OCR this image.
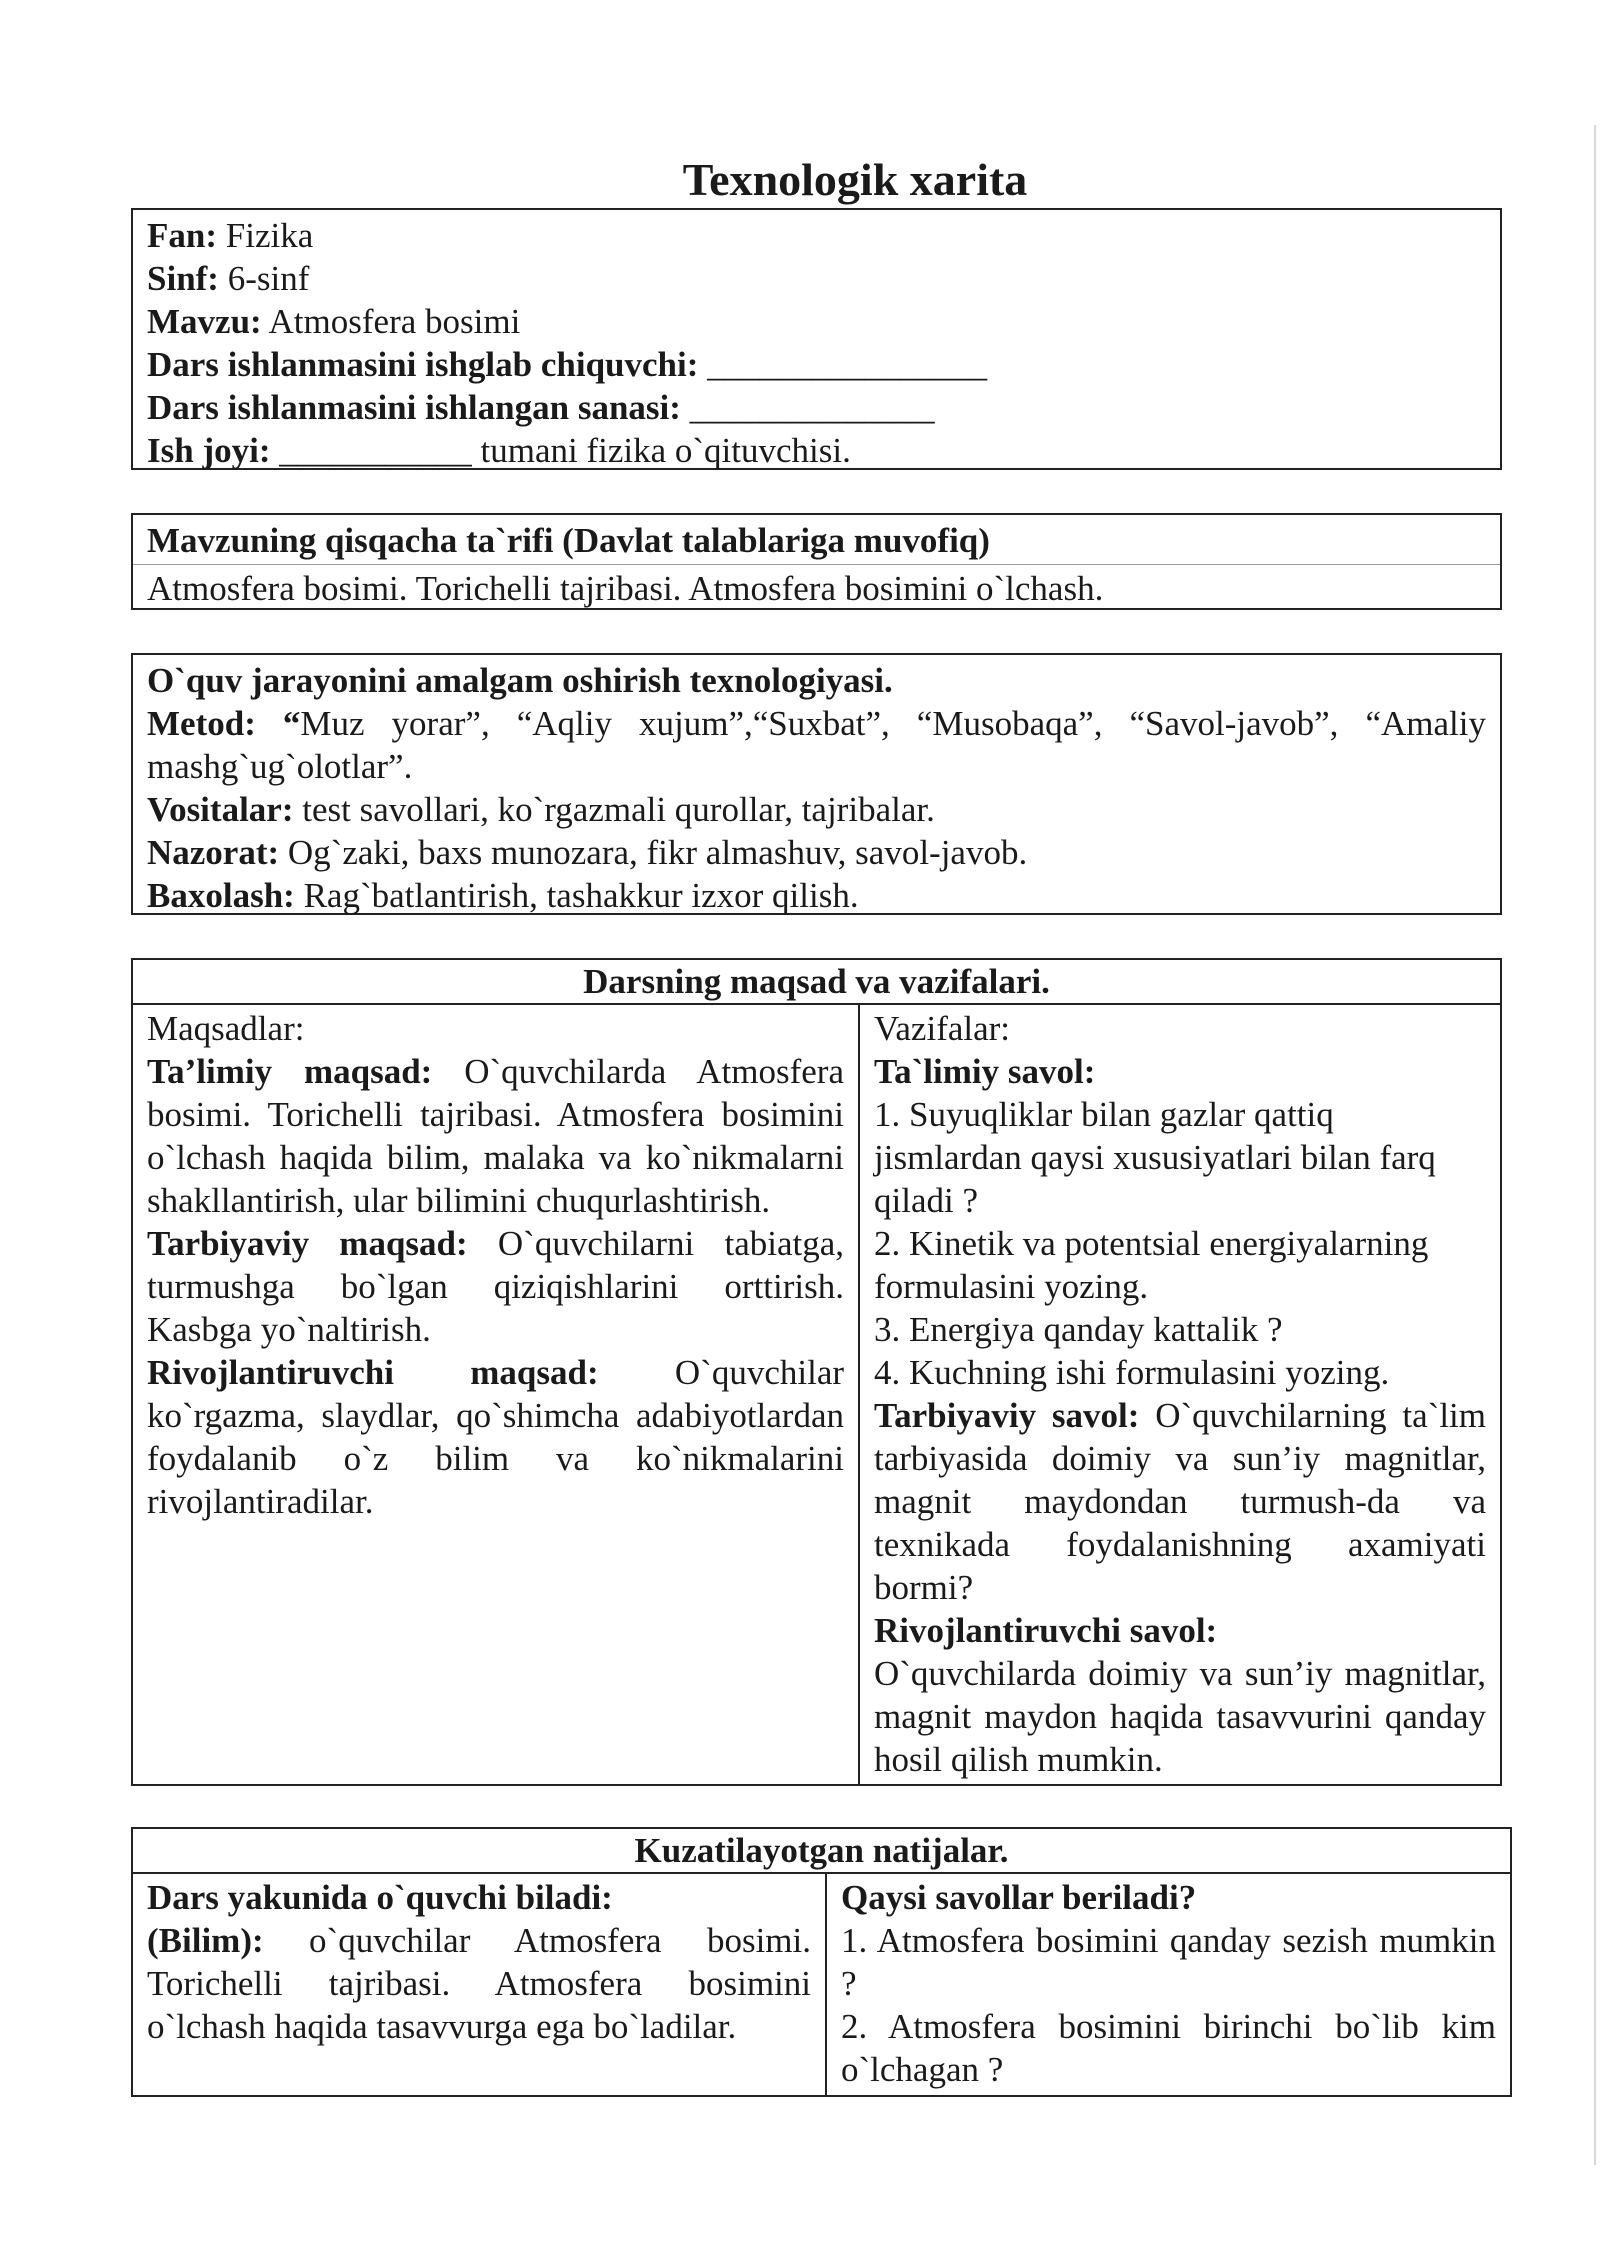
Texnologik xarita
Fan: Fizika
Sinf: 6-sinf
Mavzu: Atmosfera bosimi
Dars ishlanmasini ishglab chiquvchi: ________________
Dars ishlanmasini ishlangan sanasi: ______________
Ish joyi: ___________ tumani fizika o`qituvchisi.
Mavzuning qisqacha ta`rifi (Davlat talablariga muvofiq)
Atmosfera bosimi. Torichelli tajribasi. Atmosfera bosimini o`lchash.
O`quv jarayonini amalgam oshirish texnologiyasi.
Metod: “Muz yorar”, “Aqliy xujum”,“Suxbat”, “Musobaqa”, “Savol-javob”, “Amaliy mashg`ug`olotlar”.
Vositalar: test savollari, ko`rgazmali qurollar, tajribalar.
Nazorat: Og`zaki, baxs munozara, fikr almashuv, savol-javob.
Baxolash: Rag`batlantirish, tashakkur izxor qilish.
Darsning maqsad va vazifalari.
Maqsadlar:
Ta’limiy maqsad: O`quvchilarda Atmosfera bosimi. Torichelli tajribasi. Atmosfera bosimini o`lchash haqida bilim, malaka va ko`nikmalarni shakllantirish, ular bilimini chuqurlashtirish.
Tarbiyaviy maqsad: O`quvchilarni tabiatga, turmushga bo`lgan qiziqishlarini orttirish. Kasbga yo`naltirish.
Rivojlantiruvchi maqsad: O`quvchilar ko`rgazma, slaydlar, qo`shimcha adabiyotlardan foydalanib o`z bilim va ko`nikmalarini rivojlantiradilar.
Vazifalar:
Ta`limiy savol:
1. Suyuqliklar bilan gazlar qattiq jismlardan qaysi xususiyatlari bilan farq qiladi ?
2. Kinetik va potentsial energiyalarning formulasini yozing.
3. Energiya qanday kattalik ?
4. Kuchning ishi formulasini yozing.
Tarbiyaviy savol: O`quvchilarning ta`lim tarbiyasida doimiy va sun’iy magnitlar, magnit maydondan turmush-da va texnikada foydalanishning axamiyati bormi?
Rivojlantiruvchi savol:
O`quvchilarda doimiy va sun’iy magnitlar, magnit maydon haqida tasavvurini qanday hosil qilish mumkin.
Kuzatilayotgan natijalar.
Dars yakunida o`quvchi biladi:
(Bilim): o`quvchilar Atmosfera bosimi. Torichelli tajribasi. Atmosfera bosimini o`lchash haqida tasavvurga ega bo`ladilar.
Qaysi savollar beriladi?
1. Atmosfera bosimini qanday sezish mumkin ?
2. Atmosfera bosimini birinchi bo`lib kim o`lchagan ?
